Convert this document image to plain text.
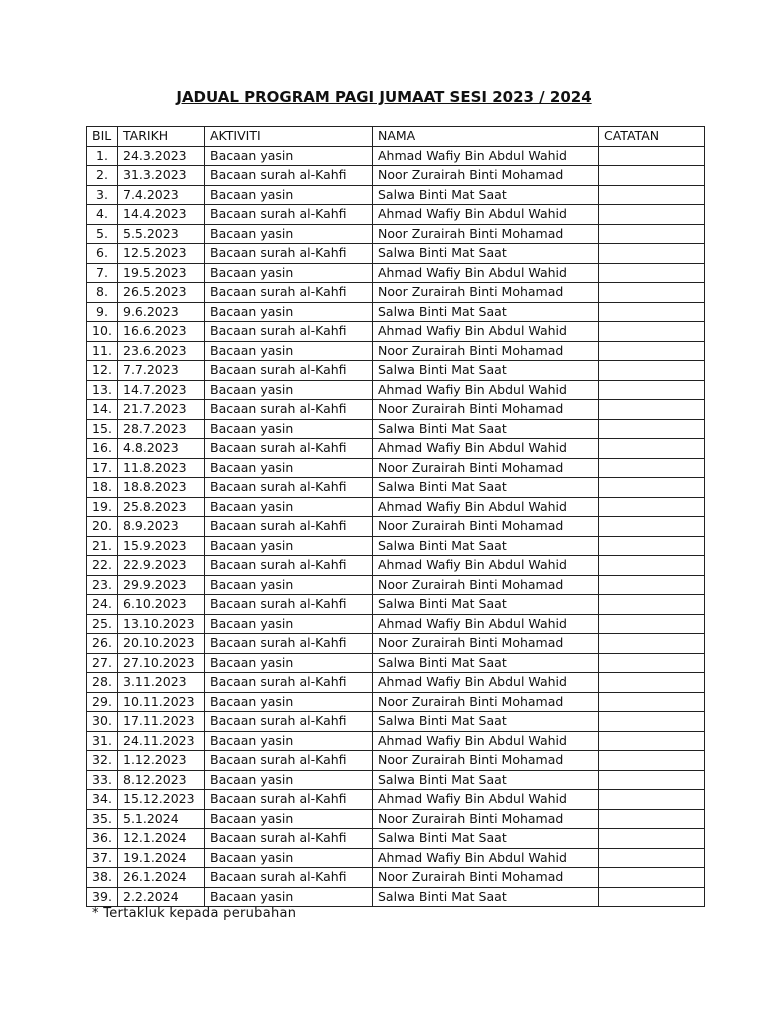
JADUAL PROGRAM PAGI JUMAAT SESI 2023 / 2024
BIL	TARIKH	AKTIVITI	NAMA	CATATAN
1.	24.3.2023	Bacaan yasin	Ahmad Wafiy Bin Abdul Wahid	
2.	31.3.2023	Bacaan surah al-Kahfi	Noor Zurairah Binti Mohamad	
3.	7.4.2023	Bacaan yasin	Salwa Binti Mat Saat	
4.	14.4.2023	Bacaan surah al-Kahfi	Ahmad Wafiy Bin Abdul Wahid	
5.	5.5.2023	Bacaan yasin	Noor Zurairah Binti Mohamad	
6.	12.5.2023	Bacaan surah al-Kahfi	Salwa Binti Mat Saat	
7.	19.5.2023	Bacaan yasin	Ahmad Wafiy Bin Abdul Wahid	
8.	26.5.2023	Bacaan surah al-Kahfi	Noor Zurairah Binti Mohamad	
9.	9.6.2023	Bacaan yasin	Salwa Binti Mat Saat	
10.	16.6.2023	Bacaan surah al-Kahfi	Ahmad Wafiy Bin Abdul Wahid	
11.	23.6.2023	Bacaan yasin	Noor Zurairah Binti Mohamad	
12.	7.7.2023	Bacaan surah al-Kahfi	Salwa Binti Mat Saat	
13.	14.7.2023	Bacaan yasin	Ahmad Wafiy Bin Abdul Wahid	
14.	21.7.2023	Bacaan surah al-Kahfi	Noor Zurairah Binti Mohamad	
15.	28.7.2023	Bacaan yasin	Salwa Binti Mat Saat	
16.	4.8.2023	Bacaan surah al-Kahfi	Ahmad Wafiy Bin Abdul Wahid	
17.	11.8.2023	Bacaan yasin	Noor Zurairah Binti Mohamad	
18.	18.8.2023	Bacaan surah al-Kahfi	Salwa Binti Mat Saat	
19.	25.8.2023	Bacaan yasin	Ahmad Wafiy Bin Abdul Wahid	
20.	8.9.2023	Bacaan surah al-Kahfi	Noor Zurairah Binti Mohamad	
21.	15.9.2023	Bacaan yasin	Salwa Binti Mat Saat	
22.	22.9.2023	Bacaan surah al-Kahfi	Ahmad Wafiy Bin Abdul Wahid	
23.	29.9.2023	Bacaan yasin	Noor Zurairah Binti Mohamad	
24.	6.10.2023	Bacaan surah al-Kahfi	Salwa Binti Mat Saat	
25.	13.10.2023	Bacaan yasin	Ahmad Wafiy Bin Abdul Wahid	
26.	20.10.2023	Bacaan surah al-Kahfi	Noor Zurairah Binti Mohamad	
27.	27.10.2023	Bacaan yasin	Salwa Binti Mat Saat	
28.	3.11.2023	Bacaan surah al-Kahfi	Ahmad Wafiy Bin Abdul Wahid	
29.	10.11.2023	Bacaan yasin	Noor Zurairah Binti Mohamad	
30.	17.11.2023	Bacaan surah al-Kahfi	Salwa Binti Mat Saat	
31.	24.11.2023	Bacaan yasin	Ahmad Wafiy Bin Abdul Wahid	
32.	1.12.2023	Bacaan surah al-Kahfi	Noor Zurairah Binti Mohamad	
33.	8.12.2023	Bacaan yasin	Salwa Binti Mat Saat	
34.	15.12.2023	Bacaan surah al-Kahfi	Ahmad Wafiy Bin Abdul Wahid	
35.	5.1.2024	Bacaan yasin	Noor Zurairah Binti Mohamad	
36.	12.1.2024	Bacaan surah al-Kahfi	Salwa Binti Mat Saat	
37.	19.1.2024	Bacaan yasin	Ahmad Wafiy Bin Abdul Wahid	
38.	26.1.2024	Bacaan surah al-Kahfi	Noor Zurairah Binti Mohamad	
39.	2.2.2024	Bacaan yasin	Salwa Binti Mat Saat	

* Tertakluk kepada perubahan
